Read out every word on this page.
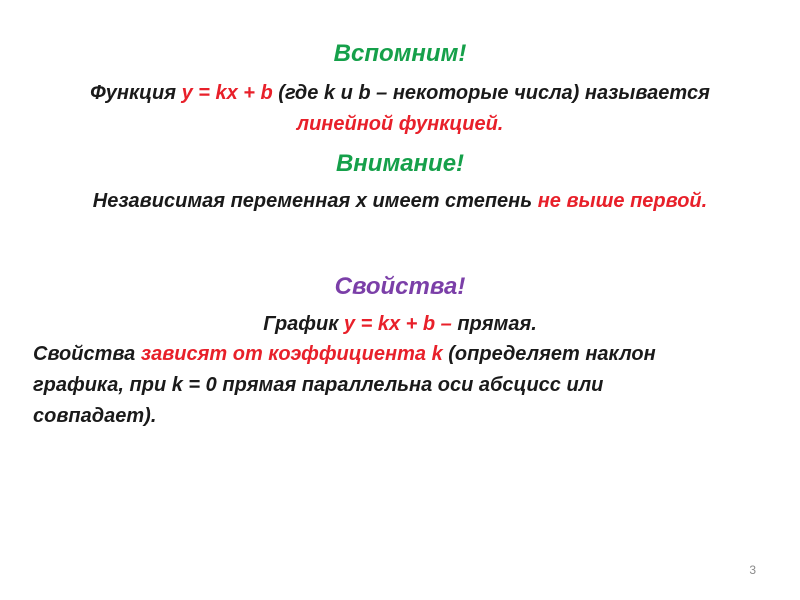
Вспомним!
Функция y = kx + b (где k и b – некоторые числа) называется
линейной функцией.
Внимание!
Независимая переменная x имеет степень не выше первой.
Свойства!
График y = kx + b – прямая.
Свойства зависят от коэффициента k (определяет наклон
графика, при k = 0 прямая параллельна оси абсцисс или
совпадает).
3
